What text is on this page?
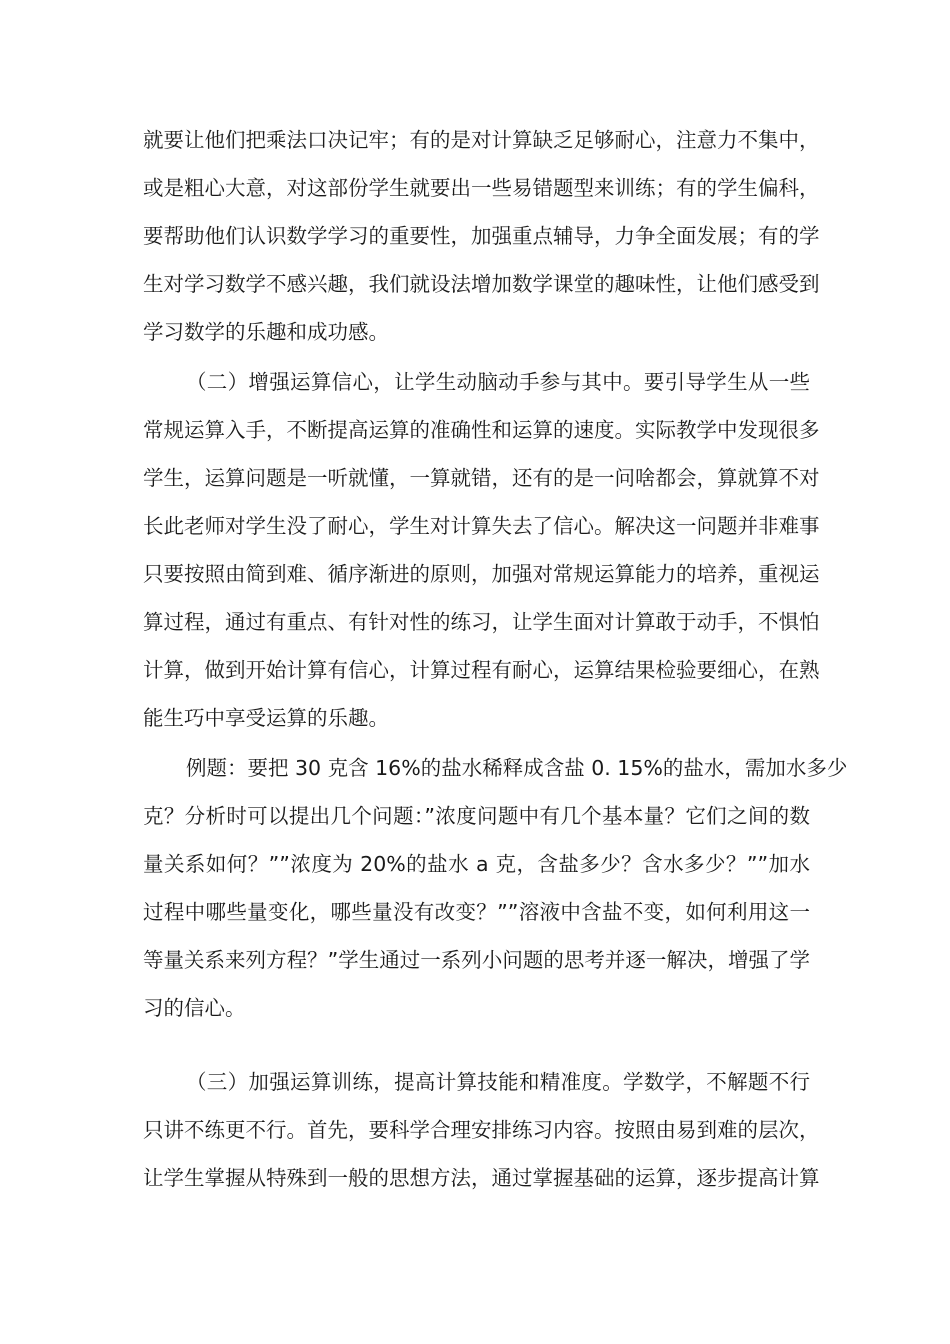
就要让他们把乘法口决记牢；有的是对计算缺乏足够耐心，注意力不集中，
或是粗心大意，对这部份学生就要出一些易错题型来训练；有的学生偏科，
要帮助他们认识数学学习的重要性，加强重点辅导，力争全面发展；有的学
生对学习数学不感兴趣，我们就设法增加数学课堂的趣味性，让他们感受到
学习数学的乐趣和成功感。
（二）增强运算信心，让学生动脑动手参与其中。要引导学生从一些
常规运算入手，不断提高运算的准确性和运算的速度。实际教学中发现很多
学生，运算问题是一听就懂，一算就错，还有的是一问啥都会，算就算不对
长此老师对学生没了耐心，学生对计算失去了信心。解决这一问题并非难事
只要按照由简到难、循序渐进的原则，加强对常规运算能力的培养，重视运
算过程，通过有重点、有针对性的练习，让学生面对计算敢于动手，不惧怕
计算，做到开始计算有信心，计算过程有耐心，运算结果检验要细心，在熟
能生巧中享受运算的乐趣。
例题：要把 30 克含 16%的盐水稀释成含盐 0. 15%的盐水，需加水多少
克？分析时可以提出几个问题：”浓度问题中有几个基本量？它们之间的数
量关系如何？””浓度为 20%的盐水 a 克，含盐多少？含水多少？””加水
过程中哪些量变化，哪些量没有改变？””溶液中含盐不变，如何利用这一
等量关系来列方程？”学生通过一系列小问题的思考并逐一解决，增强了学
习的信心。
（三）加强运算训练，提高计算技能和精准度。学数学，不解题不行
只讲不练更不行。首先，要科学合理安排练习内容。按照由易到难的层次，
让学生掌握从特殊到一般的思想方法，通过掌握基础的运算，逐步提高计算
